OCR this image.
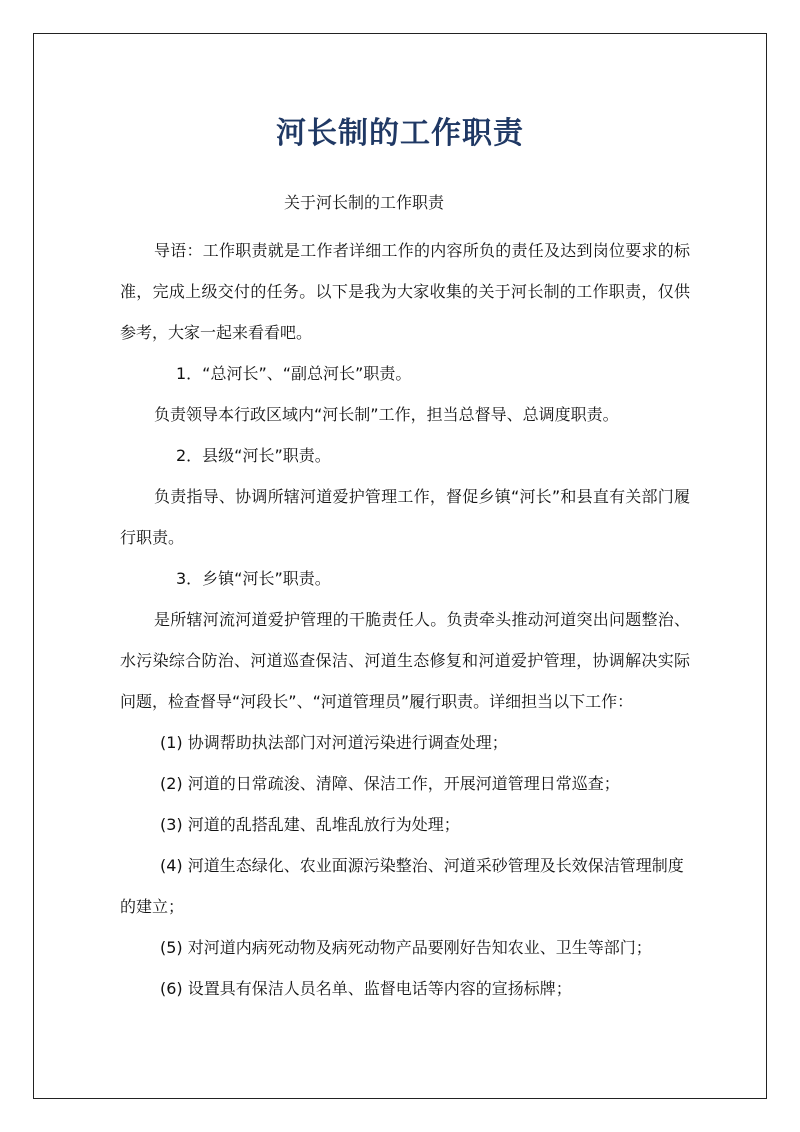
河长制的工作职责
关于河长制的工作职责

导语：工作职责就是工作者详细工作的内容所负的责任及达到岗位要求的标准，完成上级交付的任务。以下是我为大家收集的关于河长制的工作职责，仅供参考，大家一起来看看吧。

1．“总河长”、“副总河长”职责。

负责领导本行政区域内“河长制”工作，担当总督导、总调度职责。

2．县级“河长”职责。

负责指导、协调所辖河道爱护管理工作，督促乡镇“河长”和县直有关部门履行职责。

3．乡镇“河长”职责。

是所辖河流河道爱护管理的干脆责任人。负责牵头推动河道突出问题整治、水污染综合防治、河道巡查保洁、河道生态修复和河道爱护管理，协调解决实际问题，检查督导“河段长”、“河道管理员”履行职责。详细担当以下工作：

(1) 协调帮助执法部门对河道污染进行调查处理；

(2) 河道的日常疏浚、清障、保洁工作，开展河道管理日常巡查；

(3) 河道的乱搭乱建、乱堆乱放行为处理；

(4) 河道生态绿化、农业面源污染整治、河道采砂管理及长效保洁管理制度的建立；

(5) 对河道内病死动物及病死动物产品要刚好告知农业、卫生等部门；

(6) 设置具有保洁人员名单、监督电话等内容的宣扬标牌；
